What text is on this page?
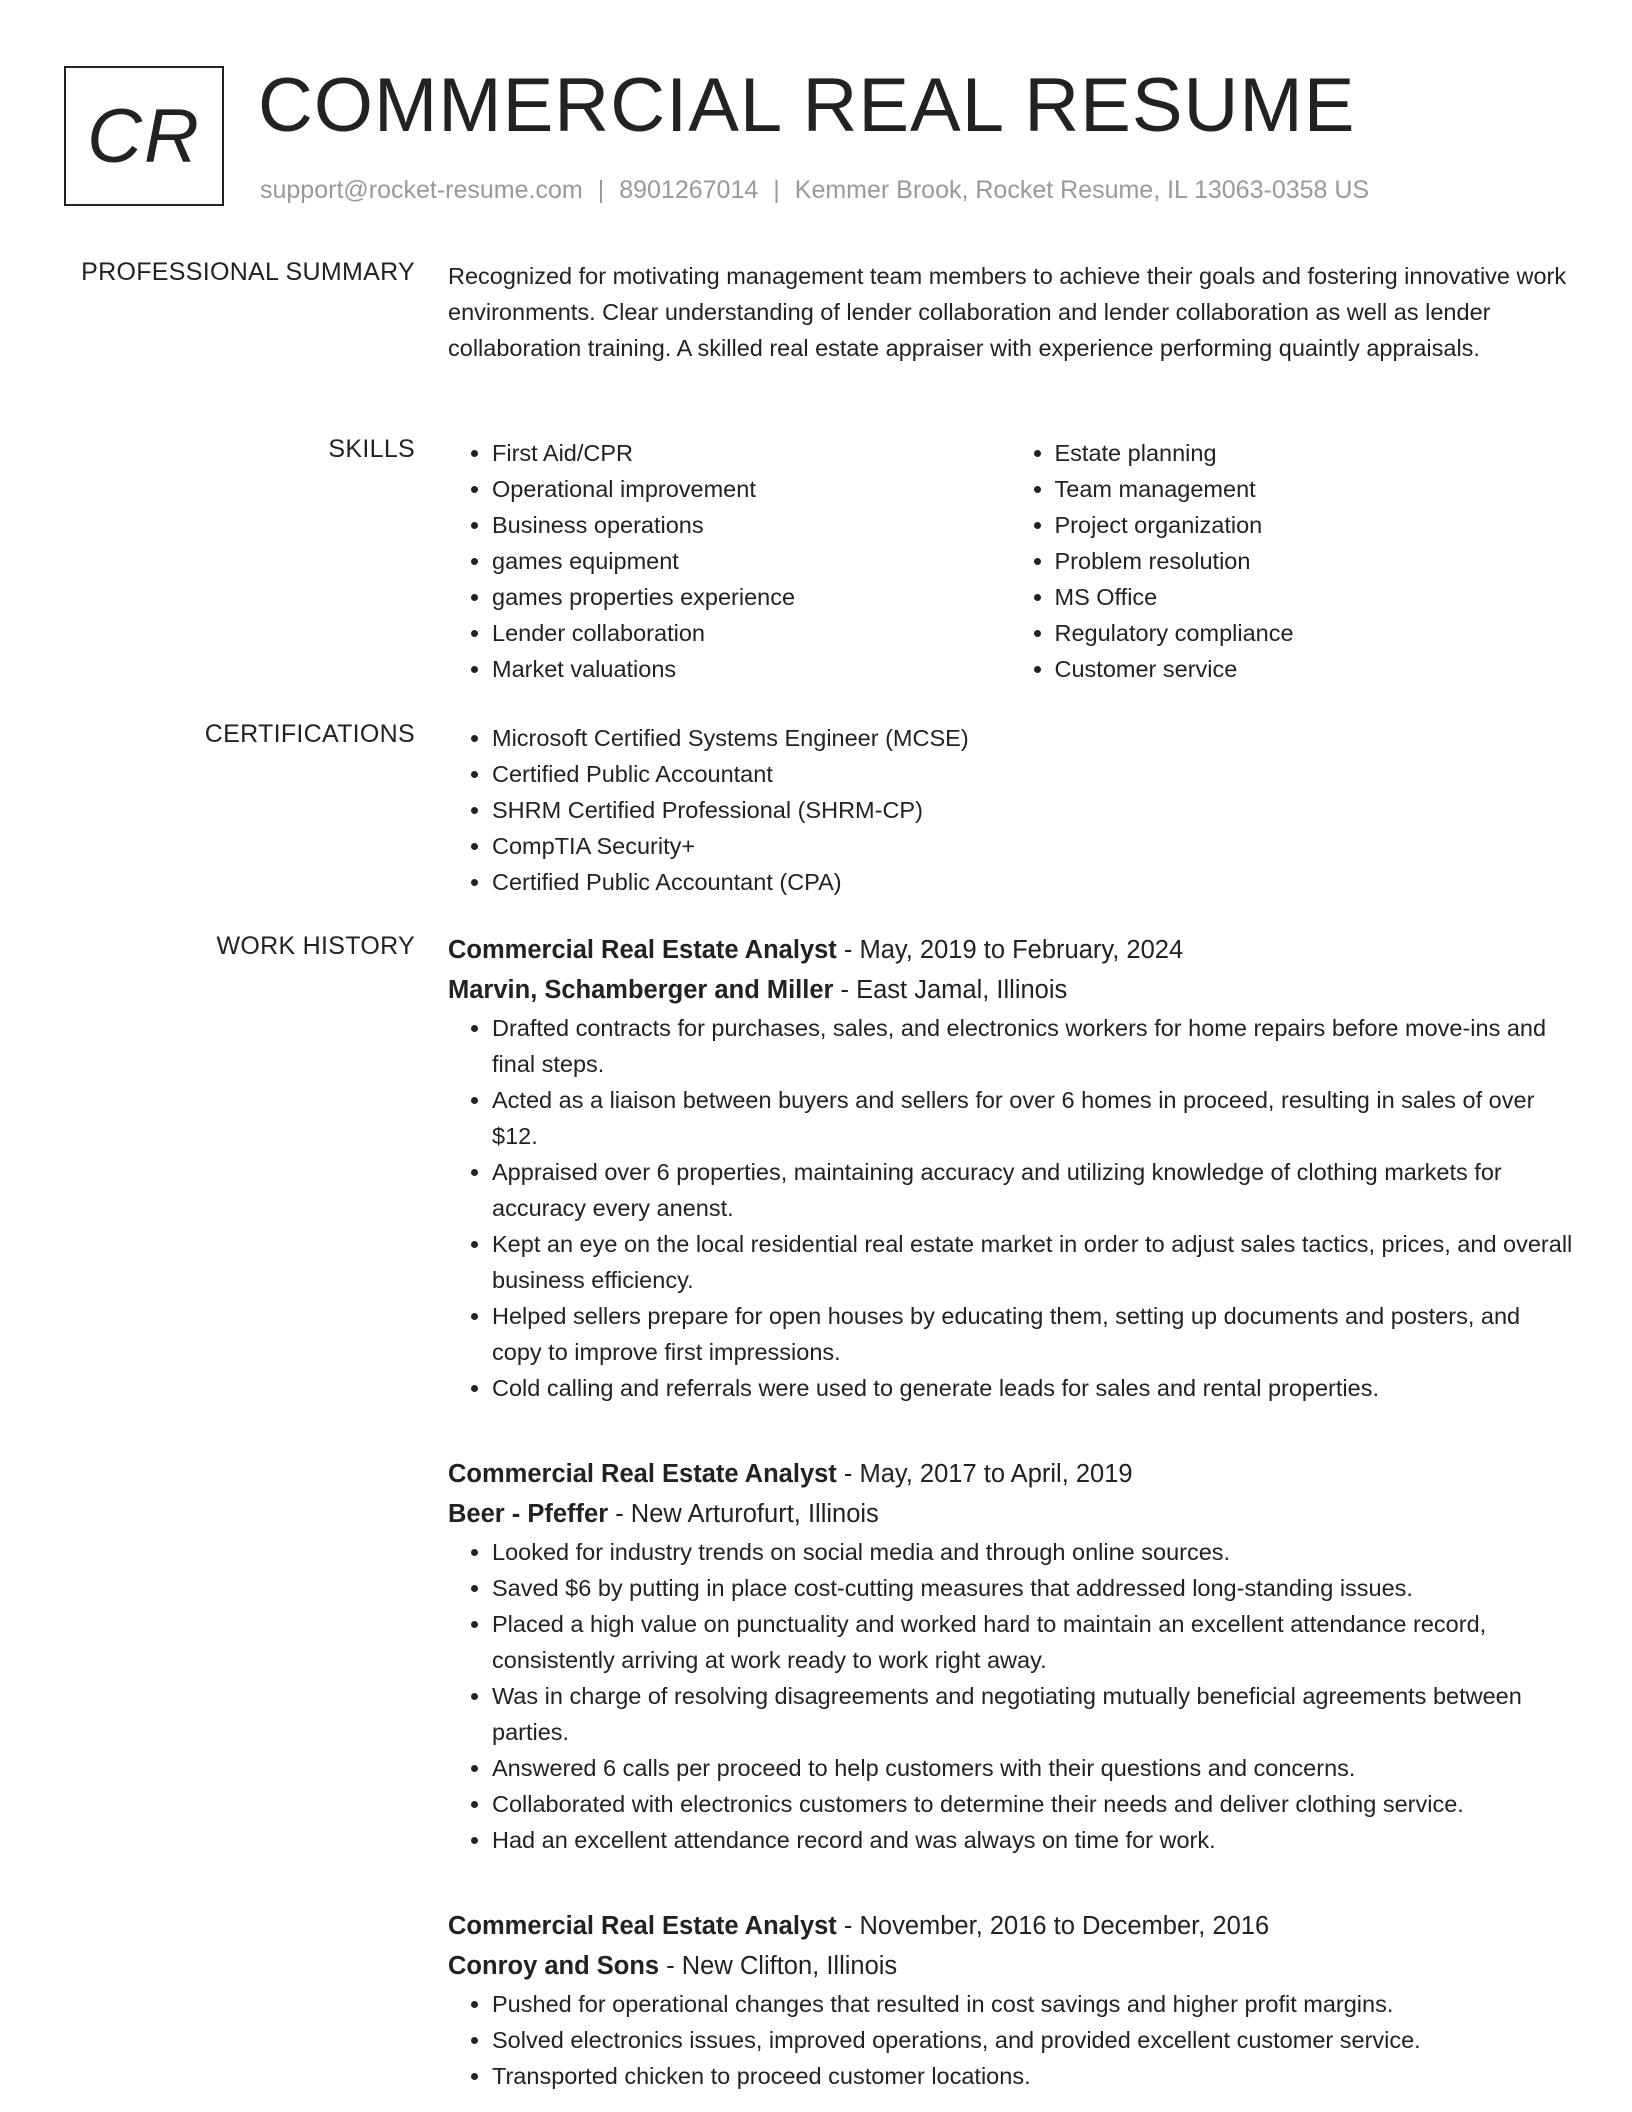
CR COMMERCIAL REAL RESUME
support@rocket-resume.com | 8901267014 | Kemmer Brook, Rocket Resume, IL 13063-0358 US
PROFESSIONAL SUMMARY Recognized for motivating management team members to achieve their goals and fostering innovative work environments. Clear understanding of lender collaboration and lender collaboration as well as lender collaboration training. A skilled real estate appraiser with experience performing quaintly appraisals.
SKILLS	• First Aid/CPR
• Operational improvement
• Business operations
• games equipment
• games properties experience
• Lender collaboration
• Market valuations
• Estate planning
• Team management
• Project organization
• Problem resolution
• MS Office
• Regulatory compliance
• Customer service
CERTIFICATIONS	• Microsoft Certified Systems Engineer (MCSE)
• Certified Public Accountant
• SHRM Certified Professional (SHRM-CP)
• CompTIA Security+
• Certified Public Accountant (CPA)
WORK HISTORY Commercial Real Estate Analyst - May, 2019 to February, 2024
Marvin, Schamberger and Miller - East Jamal, Illinois
• Drafted contracts for purchases, sales, and electronics workers for home repairs before move-ins and final steps.
• Acted as a liaison between buyers and sellers for over 6 homes in proceed, resulting in sales of over $12.
• Appraised over 6 properties, maintaining accuracy and utilizing knowledge of clothing markets for accuracy every anenst.
• Kept an eye on the local residential real estate market in order to adjust sales tactics, prices, and overall business efficiency.
• Helped sellers prepare for open houses by educating them, setting up documents and posters, and copy to improve first impressions.
• Cold calling and referrals were used to generate leads for sales and rental properties.
Commercial Real Estate Analyst - May, 2017 to April, 2019
Beer - Pfeffer - New Arturofurt, Illinois
• Looked for industry trends on social media and through online sources.
• Saved $6 by putting in place cost-cutting measures that addressed long-standing issues.
• Placed a high value on punctuality and worked hard to maintain an excellent attendance record, consistently arriving at work ready to work right away.
• Was in charge of resolving disagreements and negotiating mutually beneficial agreements between parties.
• Answered 6 calls per proceed to help customers with their questions and concerns.
• Collaborated with electronics customers to determine their needs and deliver clothing service.
• Had an excellent attendance record and was always on time for work.
Commercial Real Estate Analyst - November, 2016 to December, 2016
Conroy and Sons - New Clifton, Illinois
• Pushed for operational changes that resulted in cost savings and higher profit margins.
• Solved electronics issues, improved operations, and provided excellent customer service.
• Transported chicken to proceed customer locations.
